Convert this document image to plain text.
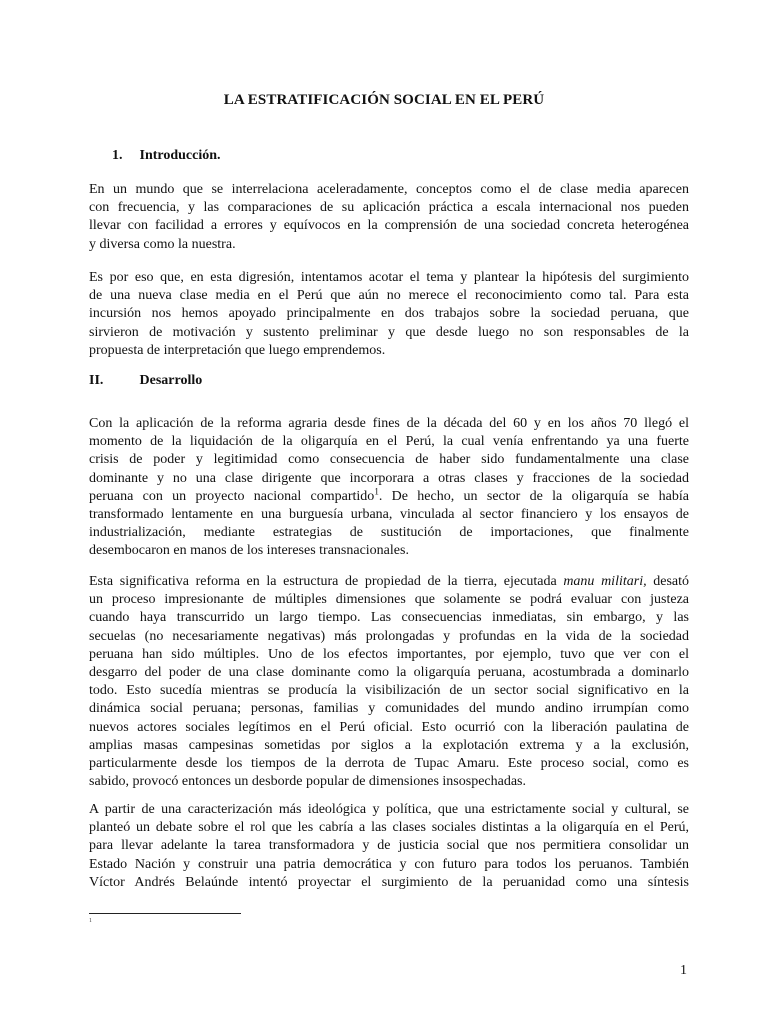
LA ESTRATIFICACIÓN SOCIAL EN EL PERÚ
1. Introducción.
En un mundo que se interrelaciona aceleradamente, conceptos como el de clase media aparecen
con frecuencia, y las comparaciones de su aplicación práctica a escala internacional nos pueden
llevar con facilidad a errores y equívocos en la comprensión de una sociedad concreta heterogénea
y diversa como la nuestra.
Es por eso que, en esta digresión, intentamos acotar el tema y plantear la hipótesis del surgimiento
de una nueva clase media en el Perú que aún no merece el reconocimiento como tal. Para esta
incursión nos hemos apoyado principalmente en dos trabajos sobre la sociedad peruana, que
sirvieron de motivación y sustento preliminar y que desde luego no son responsables de la
propuesta de interpretación que luego emprendemos.
II.	Desarrollo
Con la aplicación de la reforma agraria desde fines de la década del 60 y en los años 70 llegó el
momento de la liquidación de la oligarquía en el Perú, la cual venía enfrentando ya una fuerte
crisis de poder y legitimidad como consecuencia de haber sido fundamentalmente una clase
dominante y no una clase dirigente que incorporara a otras clases y fracciones de la sociedad
peruana con un proyecto nacional compartido$^1$. De hecho, un sector de la oligarquía se había
transformado lentamente en una burguesía urbana, vinculada al sector financiero y los ensayos de
industrialización, mediante estrategias de sustitución de importaciones, que finalmente
desembocaron en manos de los intereses transnacionales.
Esta significativa reforma en la estructura de propiedad de la tierra, ejecutada manu militari, desató
un proceso impresionante de múltiples dimensiones que solamente se podrá evaluar con justeza
cuando haya transcurrido un largo tiempo. Las consecuencias inmediatas, sin embargo, y las
secuelas (no necesariamente negativas) más prolongadas y profundas en la vida de la sociedad
peruana han sido múltiples. Uno de los efectos importantes, por ejemplo, tuvo que ver con el
desgarro del poder de una clase dominante como la oligarquía peruana, acostumbrada a dominarlo
todo. Esto sucedía mientras se producía la visibilización de un sector social significativo en la
dinámica social peruana; personas, familias y comunidades del mundo andino irrumpían como
nuevos actores sociales legítimos en el Perú oficial. Esto ocurrió con la liberación paulatina de
amplias masas campesinas sometidas por siglos a la explotación extrema y a la exclusión,
particularmente desde los tiempos de la derrota de Tupac Amaru. Este proceso social, como es
sabido, provocó entonces un desborde popular de dimensiones insospechadas.
A partir de una caracterización más ideológica y política, que una estrictamente social y cultural, se
planteó un debate sobre el rol que les cabría a las clases sociales distintas a la oligarquía en el Perú,
para llevar adelante la tarea transformadora y de justicia social que nos permitiera consolidar un
Estado Nación y construir una patria democrática y con futuro para todos los peruanos. También
Víctor Andrés Belaúnde intentó proyectar el surgimiento de la peruanidad como una síntesis
1
1
